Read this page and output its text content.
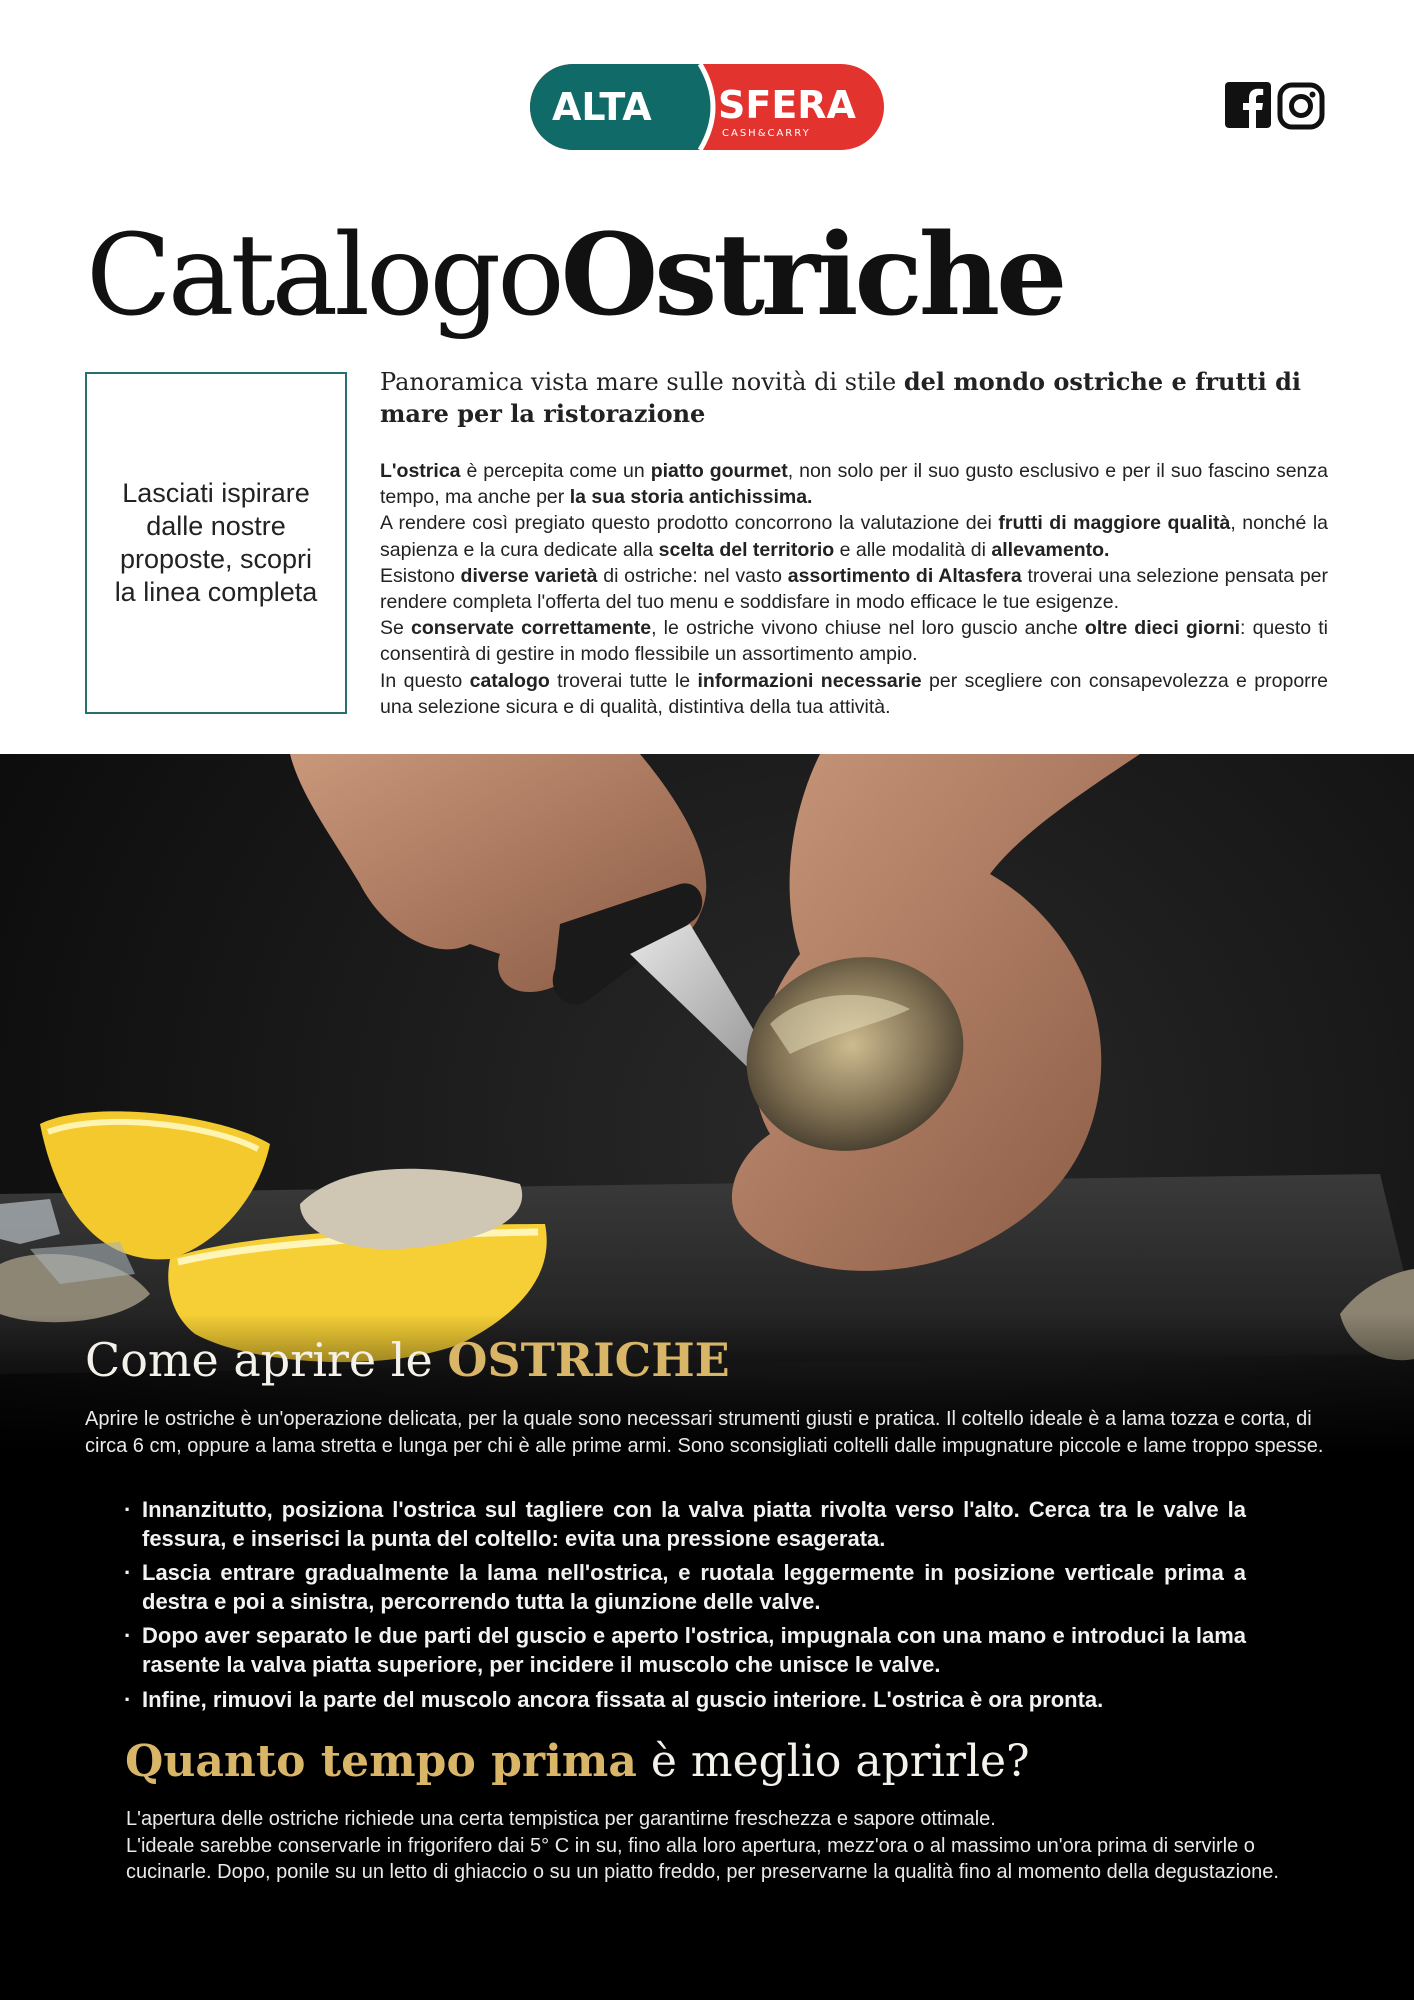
ALTA SFERA
CASH&CARRY
CatalogoOstriche
Lasciati ispirare dalle nostre proposte, scopri la linea completa
Panoramica vista mare sulle novità di stile del mondo ostriche e frutti di mare per la ristorazione

L'ostrica è percepita come un piatto gourmet, non solo per il suo gusto esclusivo e per il suo fascino senza tempo, ma anche per la sua storia antichissima.

A rendere così pregiato questo prodotto concorrono la valutazione dei frutti di maggiore qualità, nonché la sapienza e la cura dedicate alla scelta del territorio e alle modalità di allevamento.

Esistono diverse varietà di ostriche: nel vasto assortimento di Altasfera troverai una selezione pensata per rendere completa l'offerta del tuo menu e soddisfare in modo efficace le tue esigenze.

Se conservate correttamente, le ostriche vivono chiuse nel loro guscio anche oltre dieci giorni: questo ti consentirà di gestire in modo flessibile un assortimento ampio.

In questo catalogo troverai tutte le informazioni necessarie per scegliere con consapevolezza e proporre una selezione sicura e di qualità, distintiva della tua attività.

Come aprire le OSTRICHE

Aprire le ostriche è un'operazione delicata, per la quale sono necessari strumenti giusti e pratica. Il coltello ideale è a lama tozza e corta, di circa 6 cm, oppure a lama stretta e lunga per chi è alle prime armi. Sono sconsigliati coltelli dalle impugnature piccole e lame troppo spesse.

· Innanzitutto, posiziona l'ostrica sul tagliere con la valva piatta rivolta verso l'alto. Cerca tra le valve la fessura, e inserisci la punta del coltello: evita una pressione esagerata.
· Lascia entrare gradualmente la lama nell'ostrica, e ruotala leggermente in posizione verticale prima a destra e poi a sinistra, percorrendo tutta la giunzione delle valve.
· Dopo aver separato le due parti del guscio e aperto l'ostrica, impugnala con una mano e introduci la lama rasente la valva piatta superiore, per incidere il muscolo che unisce le valve.
· Infine, rimuovi la parte del muscolo ancora fissata al guscio interiore. L'ostrica è ora pronta.
Quanto tempo prima è meglio aprirle?

L'apertura delle ostriche richiede una certa tempistica per garantirne freschezza e sapore ottimale.

L'ideale sarebbe conservarle in frigorifero dai 5° C in su, fino alla loro apertura, mezz'ora o al massimo un'ora prima di servirle o cucinarle. Dopo, ponile su un letto di ghiaccio o su un piatto freddo, per preservarne la qualità fino al momento della degustazione.
